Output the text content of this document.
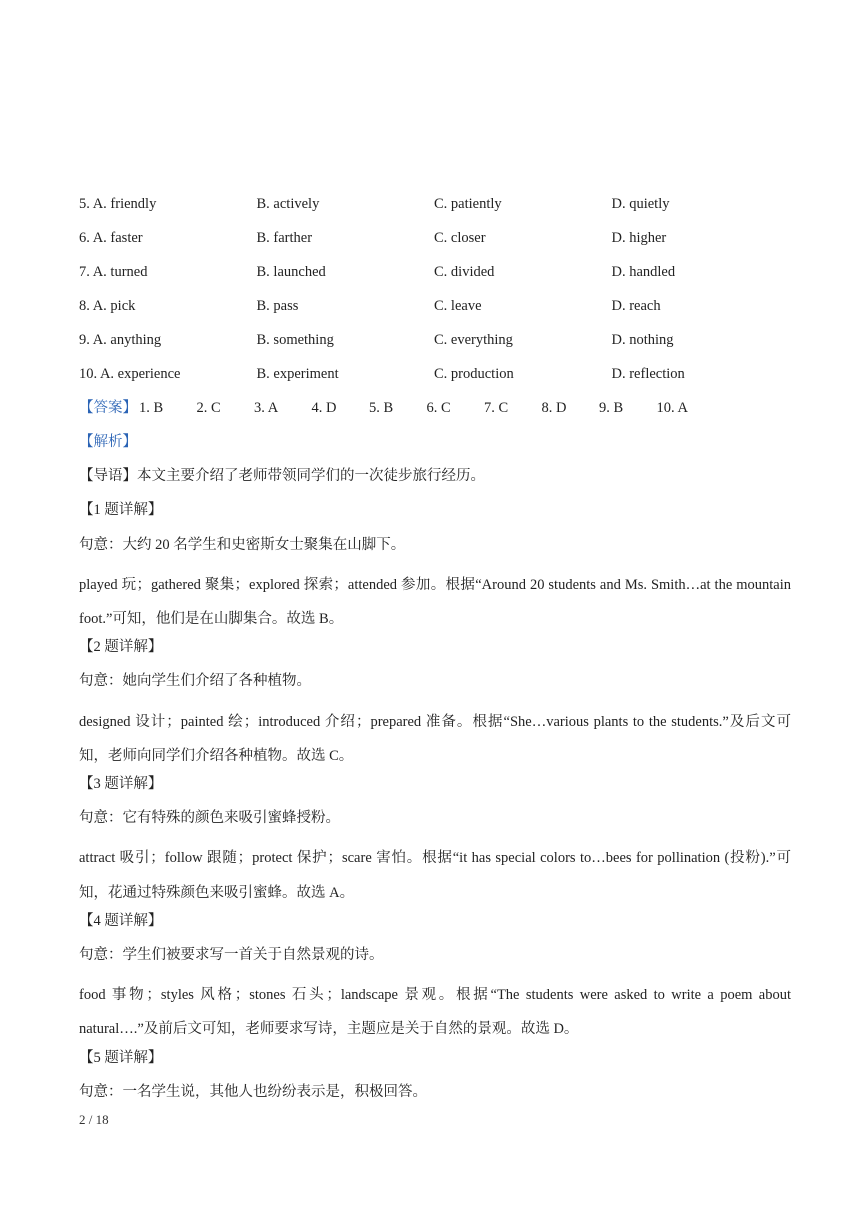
5. A. friendly	B. actively	C. patiently	D. quietly
6. A. faster	B. farther	C. closer	D. higher
7. A. turned	B. launched	C. divided	D. handled
8. A. pick	B. pass	C. leave	D. reach
9. A. anything	B. something	C. everything	D. nothing
10. A. experience	B. experiment	C. production	D. reflection
【答案】 1. B	2. C	3. A	4. D	5. B	6. C	7. C	8. D	9. B	10. A
【解析】
【导语】本文主要介绍了老师带领同学们的一次徒步旅行经历。
【1 题详解】
句意：大约 20 名学生和史密斯女士聚集在山脚下。
played 玩；gathered 聚集；explored 探索；attended 参加。根据“Around 20 students and Ms. Smith…at the mountain foot.”可知，他们是在山脚集合。故选 B。
【2 题详解】
句意：她向学生们介绍了各种植物。
designed 设计；painted 绘；introduced 介绍；prepared 准备。根据“She…various plants to the students.”及后文可知，老师向同学们介绍各种植物。故选 C。
【3 题详解】
句意：它有特殊的颜色来吸引蜜蜂授粉。
attract 吸引；follow 跟随；protect 保护；scare 害怕。根据“it has special colors to…bees for pollination (投粉).”可知，花通过特殊颜色来吸引蜜蜂。故选 A。
【4 题详解】
句意：学生们被要求写一首关于自然景观的诗。
food 事物；styles 风格；stones 石头；landscape 景观。根据“The students were asked to write a poem about natural….”及前后文可知，老师要求写诗，主题应是关于自然的景观。故选 D。
【5 题详解】
句意：一名学生说，其他人也纷纷表示是，积极回答。
2 / 18
